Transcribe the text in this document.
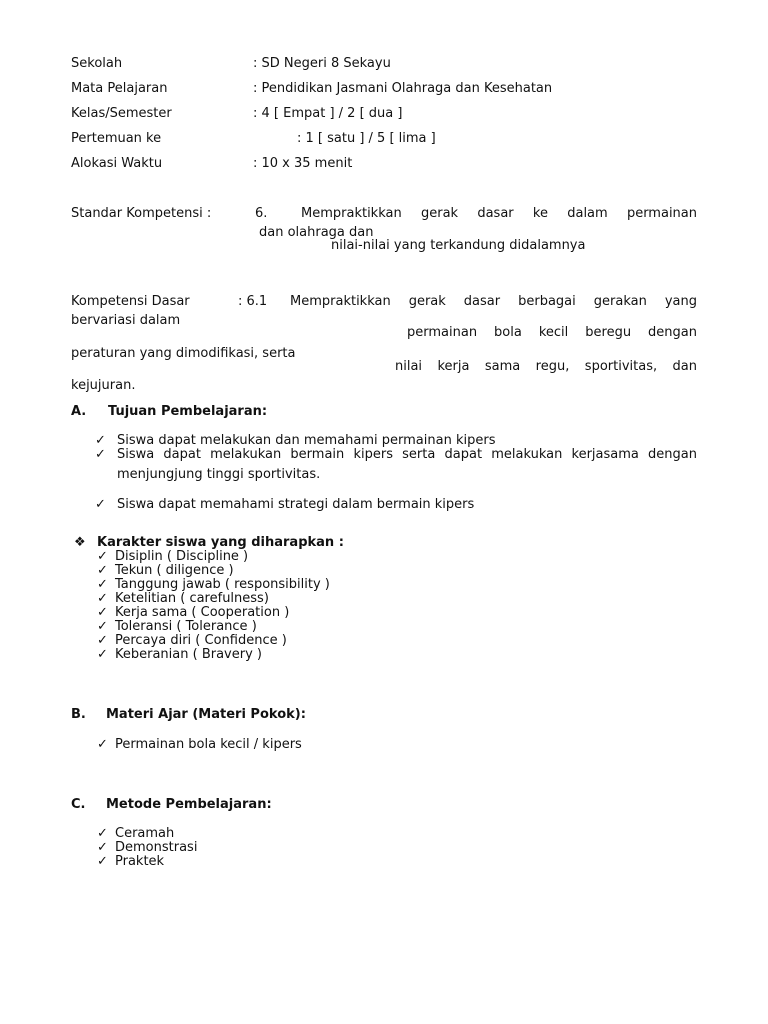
Sekolah	: SD Negeri 8 Sekayu
Mata Pelajaran	: Pendidikan Jasmani Olahraga dan Kesehatan
Kelas/Semester	: 4 [ Empat ] / 2 [ dua ]
Pertemuan ke	: 1 [ satu ] / 5 [ lima ]
Alokasi Waktu	: 10 x 35 menit
Standar Kompetensi :	6.	Mempraktikkan gerak dasar ke dalam permainan
dan olahraga dan
nilai-nilai yang terkandung didalamnya
Kompetensi Dasar	: 6.1 Mempraktikkan gerak dasar berbagai gerakan yang
bervariasi dalam
permainan bola kecil beregu dengan
peraturan yang dimodifikasi, serta
nilai kerja sama regu, sportivitas, dan
kejujuran.
A. Tujuan Pembelajaran:
✓ Siswa dapat melakukan dan memahami permainan kipers
✓ Siswa dapat melakukan bermain kipers serta dapat melakukan kerjasama dengan
menjungjung tinggi sportivitas.
✓ Siswa dapat memahami strategi dalam bermain kipers
❖ Karakter siswa yang diharapkan :
✓ Disiplin ( Discipline )
✓ Tekun ( diligence )
✓ Tanggung jawab ( responsibility )
✓ Ketelitian ( carefulness)
✓ Kerja sama ( Cooperation )
✓ Toleransi ( Tolerance )
✓ Percaya diri ( Confidence )
✓ Keberanian ( Bravery )
B. Materi Ajar (Materi Pokok):
✓ Permainan bola kecil / kipers
C. Metode Pembelajaran:
✓ Ceramah
✓ Demonstrasi
✓ Praktek
